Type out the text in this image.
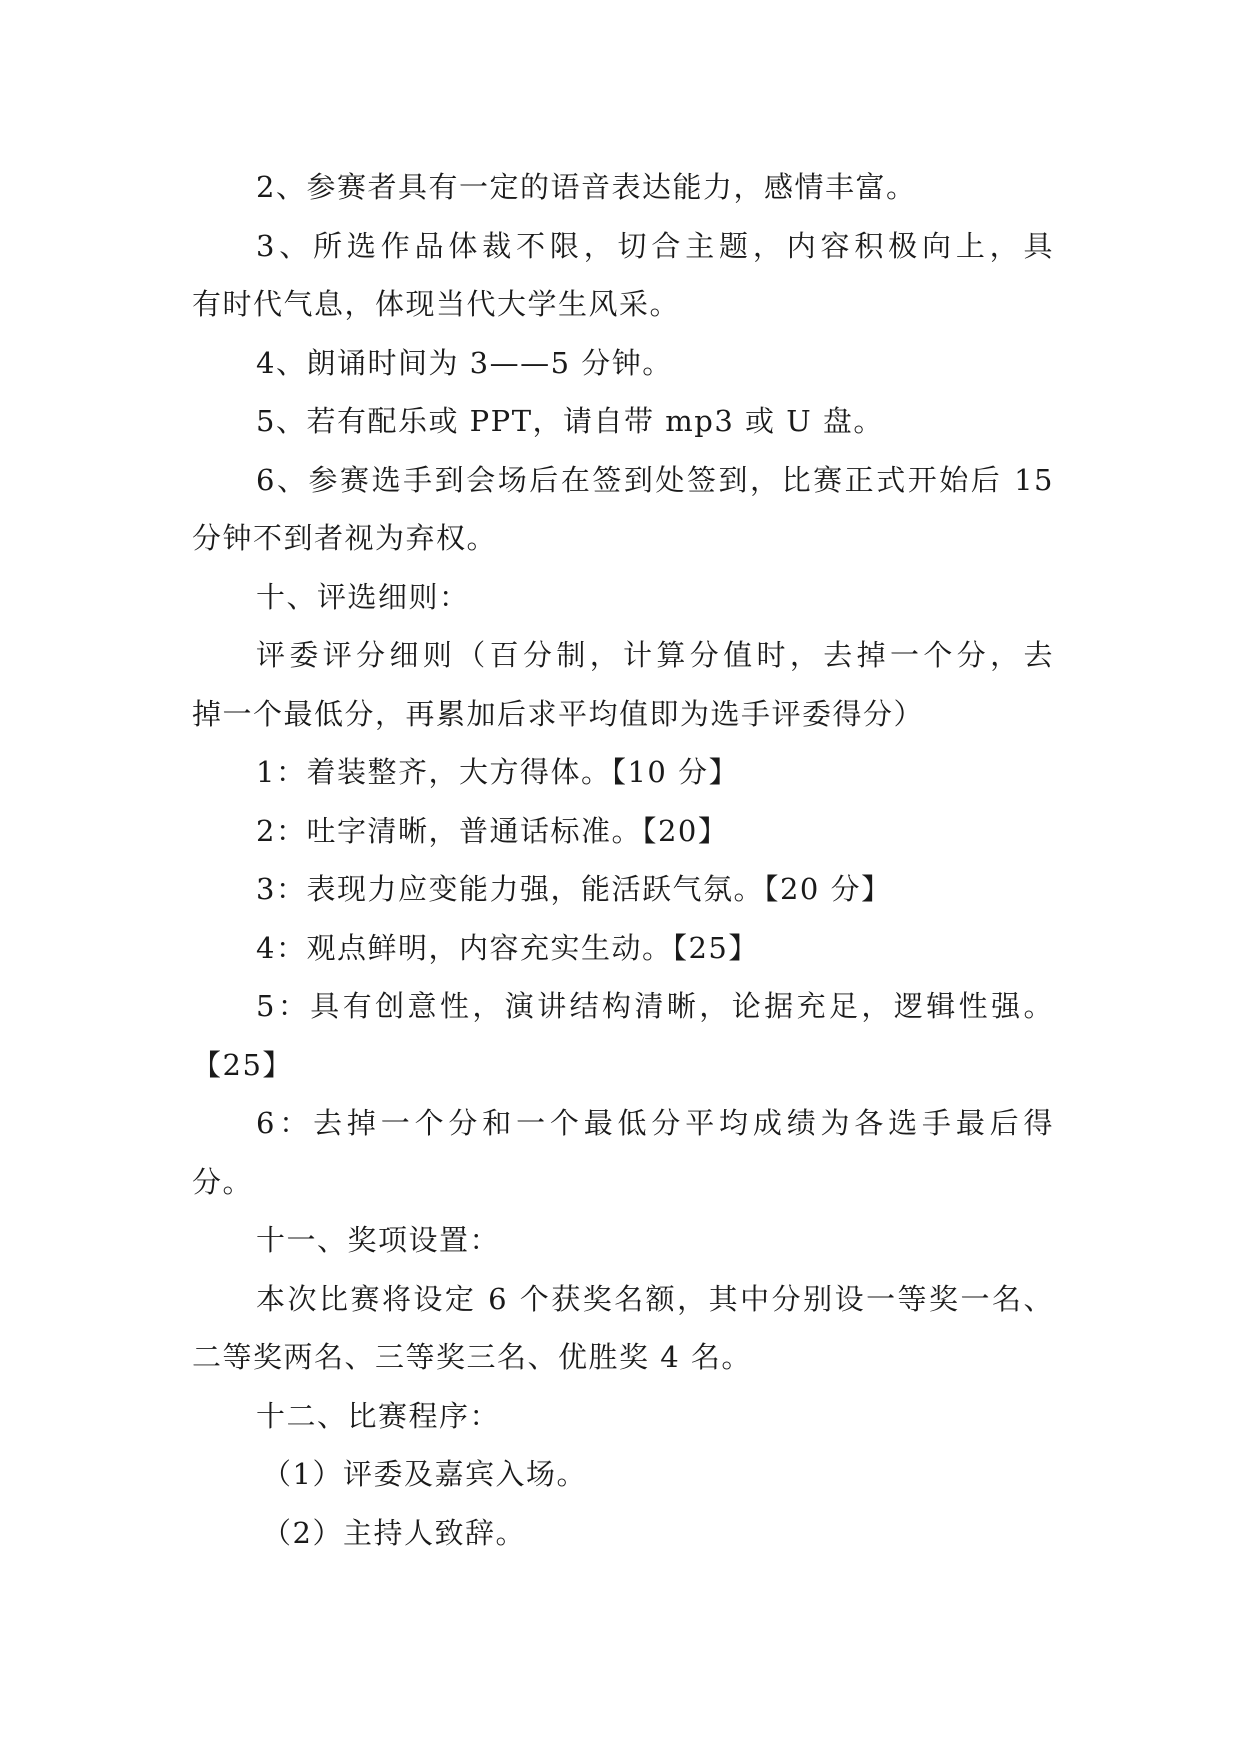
2、参赛者具有一定的语音表达能力，感情丰富。
3、所选作品体裁不限，切合主题，内容积极向上，具
有时代气息，体现当代大学生风采。
4、朗诵时间为 3——5 分钟。
5、若有配乐或 PPT，请自带 mp3 或 U 盘。
6、参赛选手到会场后在签到处签到，比赛正式开始后 15
分钟不到者视为弃权。
十、评选细则：
评委评分细则（百分制，计算分值时，去掉一个分，去
掉一个最低分，再累加后求平均值即为选手评委得分）
1：着装整齐，大方得体。【10 分】
2：吐字清晰，普通话标准。【20】
3：表现力应变能力强，能活跃气氛。【20 分】
4：观点鲜明，内容充实生动。【25】
5：具有创意性，演讲结构清晰，论据充足，逻辑性强。
【25】
6：去掉一个分和一个最低分平均成绩为各选手最后得
分。
十一、奖项设置：
本次比赛将设定 6 个获奖名额，其中分别设一等奖一名、
二等奖两名、三等奖三名、优胜奖 4 名。
十二、比赛程序：
（1）评委及嘉宾入场。
（2）主持人致辞。
